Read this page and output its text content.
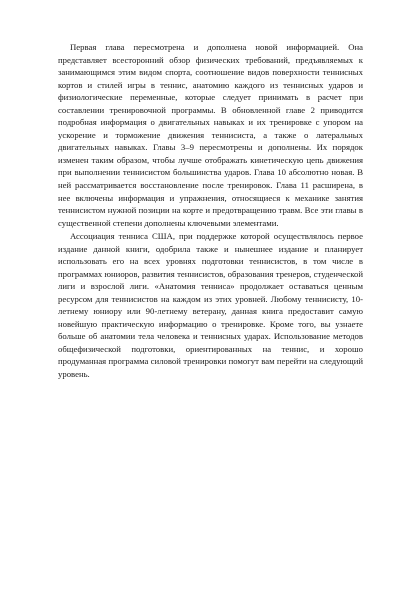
Первая глава пересмотрена и дополнена новой информацией. Она представляет всесторонний обзор физических требований, предъявляемых к занимающимся этим видом спорта, соотношение видов поверхности теннисных кортов и стилей игры в теннис, анатомию каждого из теннисных ударов и физиологические переменные, которые следует принимать в расчет при составлении тренировочной программы. В обновленной главе 2 приводится подробная информация о двигательных навыках и их тренировке с упором на ускорение и торможение движения теннисиста, а также о латеральных двигательных навыках. Главы 3–9 пересмотрены и дополнены. Их порядок изменен таким образом, чтобы лучше отображать кинетическую цепь движения при выполнении теннисистом большинства ударов. Глава 10 абсолютно новая. В ней рассматривается восстановление после тренировок. Глава 11 расширена, в нее включены информация и упражнения, относящиеся к механике занятия теннисистом нужной позиции на корте и предотвращению травм. Все эти главы в существенной степени дополнены ключевыми элементами.

Ассоциация тенниса США, при поддержке которой осуществлялось первое издание данной книги, одобрила также и нынешнее издание и планирует использовать его на всех уровнях подготовки теннисистов, в том числе в программах юниоров, развития теннисистов, образования тренеров, студенческой лиги и взрослой лиги. «Анатомия тенниса» продолжает оставаться ценным ресурсом для теннисистов на каждом из этих уровней. Любому теннисисту, 10-летнему юниору или 90-летнему ветерану, данная книга предоставит самую новейшую практическую информацию о тренировке. Кроме того, вы узнаете больше об анатомии тела человека и теннисных ударах. Использование методов общефизической подготовки, ориентированных на теннис, и хорошо продуманная программа силовой тренировки помогут вам перейти на следующий уровень.
